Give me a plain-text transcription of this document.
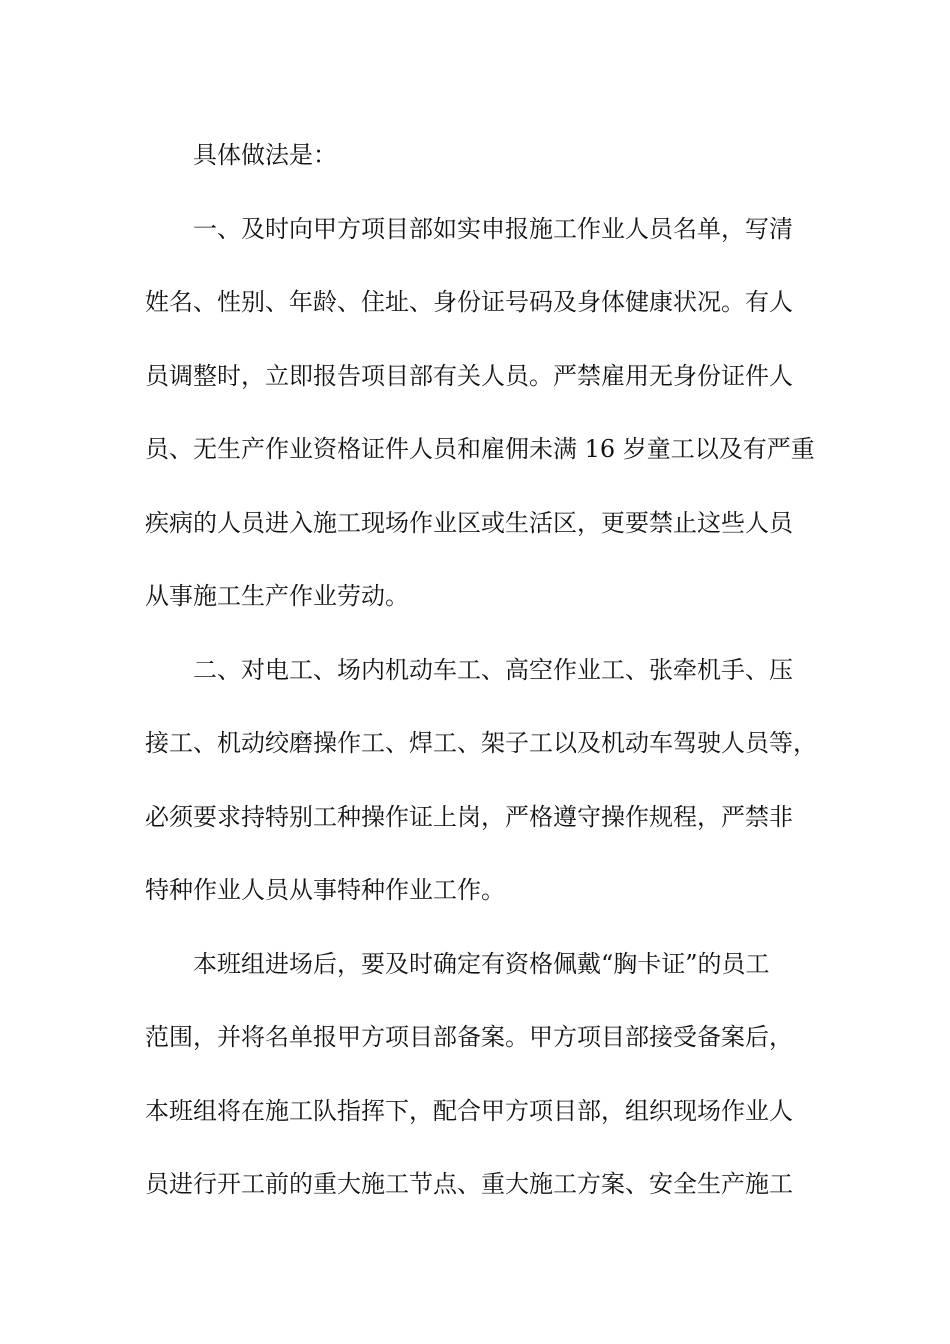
具体做法是：
一、及时向甲方项目部如实申报施工作业人员名单，写清
姓名、性别、年龄、住址、身份证号码及身体健康状况。有人
员调整时，立即报告项目部有关人员。严禁雇用无身份证件人
员、无生产作业资格证件人员和雇佣未满 16 岁童工以及有严重
疾病的人员进入施工现场作业区或生活区，更要禁止这些人员
从事施工生产作业劳动。
二、对电工、场内机动车工、高空作业工、张牵机手、压
接工、机动绞磨操作工、焊工、架子工以及机动车驾驶人员等，
必须要求持特别工种操作证上岗，严格遵守操作规程，严禁非
特种作业人员从事特种作业工作。
本班组进场后，要及时确定有资格佩戴“胸卡证”的员工
范围，并将名单报甲方项目部备案。甲方项目部接受备案后，
本班组将在施工队指挥下，配合甲方项目部，组织现场作业人
员进行开工前的重大施工节点、重大施工方案、安全生产施工
